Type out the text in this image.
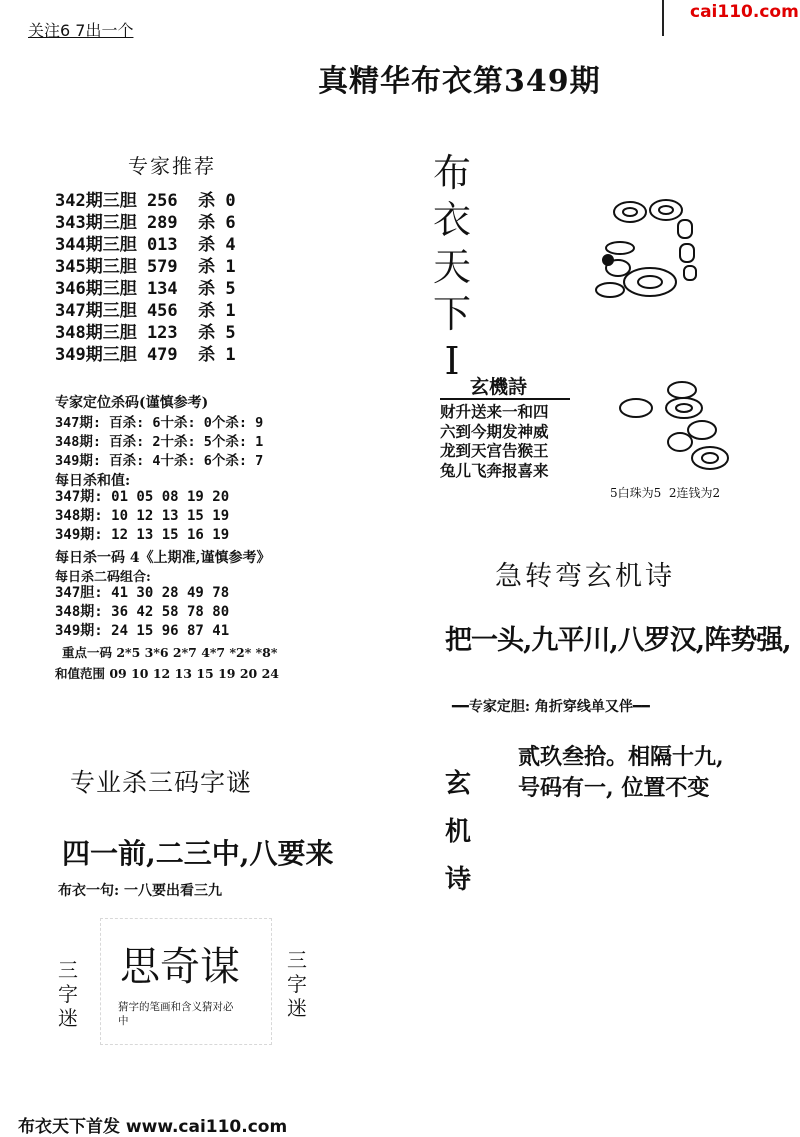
关注6 7出一个
cai110.com
真精华布衣第349期
专家推荐
342期三胆 256  杀 0
343期三胆 289  杀 6
344期三胆 013  杀 4
345期三胆 579  杀 1
346期三胆 134  杀 5
347期三胆 456  杀 1
348期三胆 123  杀 5
349期三胆 479  杀 1
专家定位杀码(谨慎参考)
347期: 百杀: 6十杀: 0个杀: 9
348期: 百杀: 2十杀: 5个杀: 1
349期: 百杀: 4十杀: 6个杀: 7
每日杀和值:
347期: 01 05 08 19 20
348期: 10 12 13 15 19
349期: 12 13 15 16 19
每日杀一码 4《上期准,谨慎参考》
每日杀二码组合:
347胆: 41 30 28 49 78
348期: 36 42 58 78 80
349期: 24 15 96 87 41
重点一码 2*5 3*6 2*7 4*7 *2* *8*
和值范围 09 10 12 13 15 19 20 24
专业杀三码字谜
四一前,二三中,八要来
布衣一句: 一八要出看三九
思奇谋
猜字的笔画和含义猜对必中
三字迷
三字迷
布衣天下I
玄機詩
财升送来一和四
六到今期发神威
龙到天宫告猴王
兔儿飞奔报喜来
5白珠为5  2连钱为2
急转弯玄机诗
把一头,九平川,八罗汉,阵势强,
━━专家定胆: 角折穿线单又伴━━
玄机诗
贰玖叁拾。相隔十九,
号码有一, 位置不变
布衣天下首发 www.cai110.com
